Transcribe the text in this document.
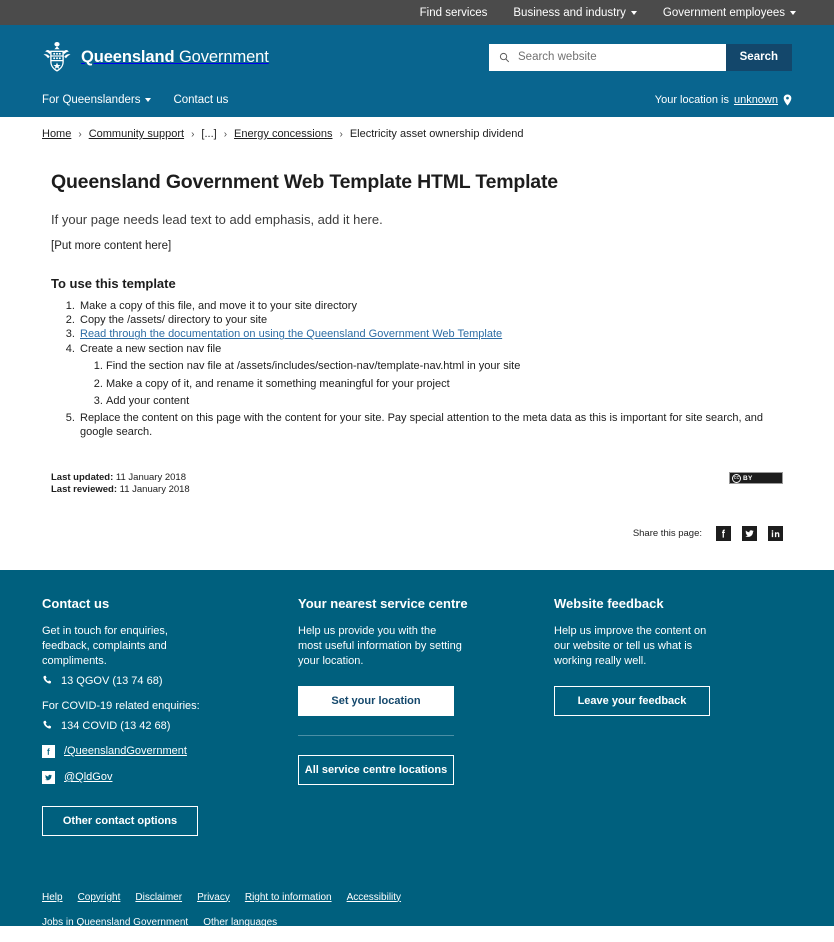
Find services Business and industry	Government employees
Queensland Government
Search website	Search
For Queenslanders	Contact us	Your location is unknown
Home › Community support › [...] › Energy concessions › Electricity asset ownership dividend
Queensland Government Web Template HTML Template

If your page needs lead text to add emphasis, add it here.

[Put more content here]

To use this template
1. Make a copy of this file, and move it to your site directory
2. Copy the /assets/ directory to your site
3. Read through the documentation on using the Queensland Government Web Template
4. Create a new section nav file
1. Find the section nav file at /assets/includes/section-nav/template-nav.html in your site
2. Make a copy of it, and rename it something meaningful for your project
3. Add your content
5. Replace the content on this page with the content for your site. Pay special attention to the meta data as this is important for site search, and google search.
Last updated: 11 January 2018
Last reviewed: 11 January 2018
cc BY
Share this page:
Contact us

Get in touch for enquiries, feedback, complaints and compliments.

13 QGOV (13 74 68)

For COVID-19 related enquiries:

134 COVID (13 42 68)
/QueenslandGovernment
@QldGov
Other contact options
Your nearest service centre

Help us provide you with the most useful information by setting your location.

Set your location
All service centre locations
Website feedback

Help us improve the content on our website or tell us what is working really well.

Leave your feedback
Help Copyright Disclaimer Privacy Right to information Accessibility
Jobs in Queensland Government Other languages
© The State of Queensland 1995–2022
